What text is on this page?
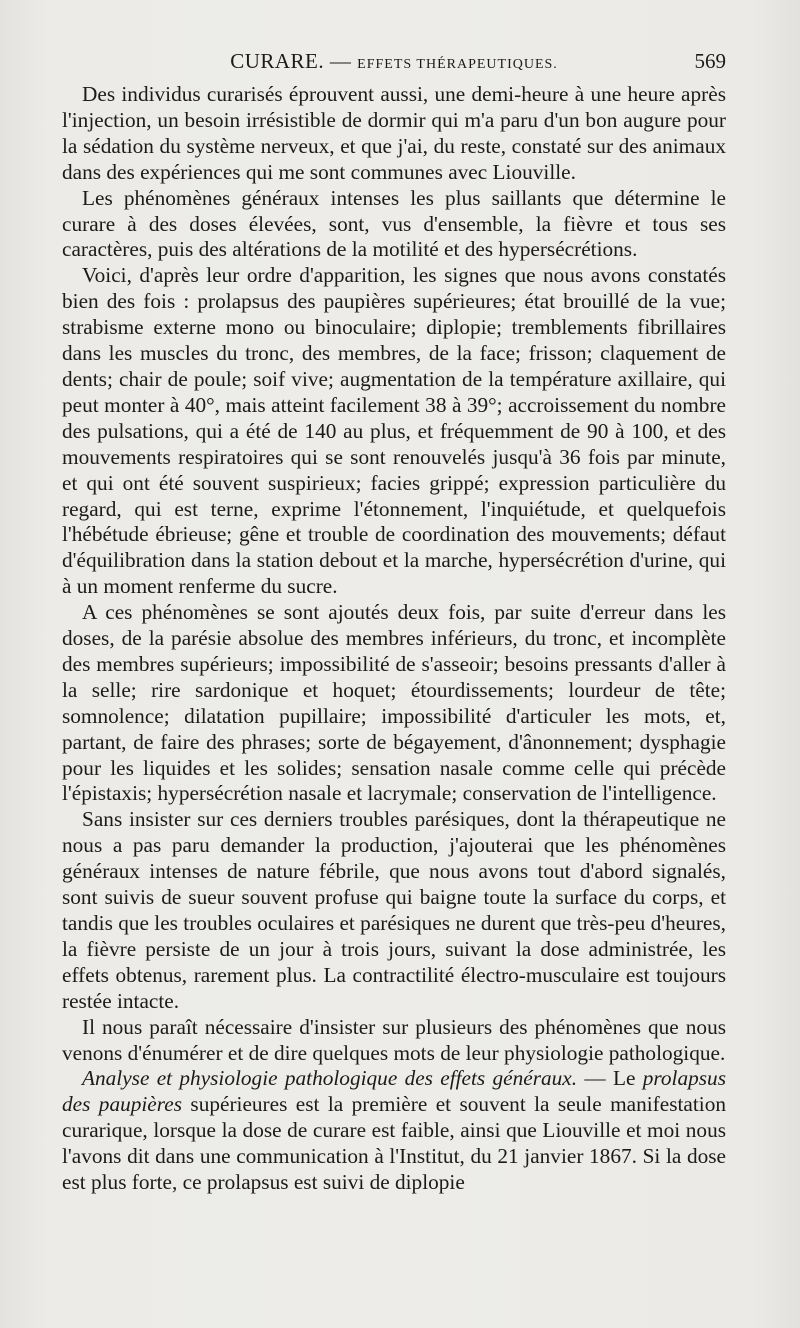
CURARE. — EFFETS THÉRAPEUTIQUES.	569

Des individus curarisés éprouvent aussi, une demi-heure à une heure après l'injection, un besoin irrésistible de dormir qui m'a paru d'un bon augure pour la sédation du système nerveux, et que j'ai, du reste, constaté sur des animaux dans des expériences qui me sont communes avec Liouville.

Les phénomènes généraux intenses les plus saillants que détermine le curare à des doses élevées, sont, vus d'ensemble, la fièvre et tous ses caractères, puis des altérations de la motilité et des hypersécrétions.

Voici, d'après leur ordre d'apparition, les signes que nous avons constatés bien des fois : prolapsus des paupières supérieures; état brouillé de la vue; strabisme externe mono ou binoculaire; diplopie; tremblements fibrillaires dans les muscles du tronc, des membres, de la face; frisson; claquement de dents; chair de poule; soif vive; augmentation de la température axillaire, qui peut monter à 40°, mais atteint facilement 38 à 39°; accroissement du nombre des pulsations, qui a été de 140 au plus, et fréquemment de 90 à 100, et des mouvements respiratoires qui se sont renouvelés jusqu'à 36 fois par minute, et qui ont été souvent suspirieux; facies grippé; expression particulière du regard, qui est terne, exprime l'étonnement, l'inquiétude, et quelquefois l'hébétude ébrieuse; gêne et trouble de coordination des mouvements; défaut d'équilibration dans la station debout et la marche, hypersécrétion d'urine, qui à un moment renferme du sucre.

A ces phénomènes se sont ajoutés deux fois, par suite d'erreur dans les doses, de la parésie absolue des membres inférieurs, du tronc, et incomplète des membres supérieurs; impossibilité de s'asseoir; besoins pressants d'aller à la selle; rire sardonique et hoquet; étourdissements; lourdeur de tête; somnolence; dilatation pupillaire; impossibilité d'articuler les mots, et, partant, de faire des phrases; sorte de bégayement, d'ânonnement; dysphagie pour les liquides et les solides; sensation nasale comme celle qui précède l'épistaxis; hypersécrétion nasale et lacrymale; conservation de l'intelligence.

Sans insister sur ces derniers troubles parésiques, dont la thérapeutique ne nous a pas paru demander la production, j'ajouterai que les phénomènes généraux intenses de nature fébrile, que nous avons tout d'abord signalés, sont suivis de sueur souvent profuse qui baigne toute la surface du corps, et tandis que les troubles oculaires et parésiques ne durent que très-peu d'heures, la fièvre persiste de un jour à trois jours, suivant la dose administrée, les effets obtenus, rarement plus. La contractilité électro-musculaire est toujours restée intacte.

Il nous paraît nécessaire d'insister sur plusieurs des phénomènes que nous venons d'énumérer et de dire quelques mots de leur physiologie pathologique.

Analyse et physiologie pathologique des effets généraux. — Le prolapsus des paupières supérieures est la première et souvent la seule manifestation curarique, lorsque la dose de curare est faible, ainsi que Liouville et moi nous l'avons dit dans une communication à l'Institut, du 21 janvier 1867. Si la dose est plus forte, ce prolapsus est suivi de diplopie
